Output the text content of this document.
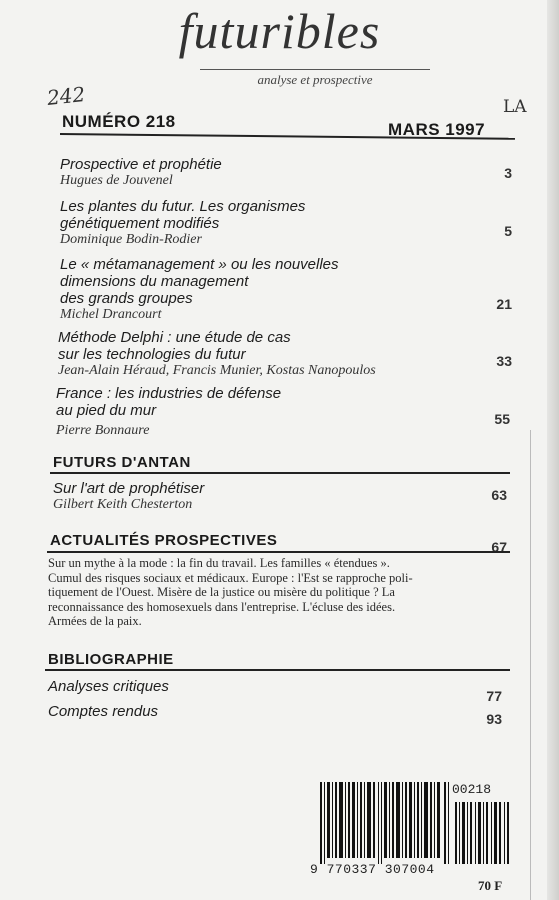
futuribles
analyse et prospective
242	LA
NUMÉRO 218	MARS 1997
Prospective et prophétie
Hugues de Jouvenel	3
Les plantes du futur. Les organismes
génétiquement modifiés
Dominique Bodin-Rodier
5
Le « métamanagement » ou les nouvelles
dimensions du management
des grands groupes
Michel Drancourt
21
Méthode Delphi : une étude de cas
sur les technologies du futur
Jean-Alain Héraud, Francis Munier, Kostas Nanopoulos
33
France : les industries de défense
au pied du mur
Pierre Bonnaure
55
FUTURS D'ANTAN
Sur l'art de prophétiser
Gilbert Keith Chesterton
63
ACTUALITÉS PROSPECTIVES	67
Sur un mythe à la mode : la fin du travail. Les familles « étendues ».
Cumul des risques sociaux et médicaux. Europe : l'Est se rapproche poli-
tiquement de l'Ouest. Misère de la justice ou misère du politique ? La
reconnaissance des homosexuels dans l'entreprise. L'écluse des idées.
Armées de la paix.
BIBLIOGRAPHIE
Analyses critiques
77
Comptes rendus	93
9 770337 307004
00218
70 F
